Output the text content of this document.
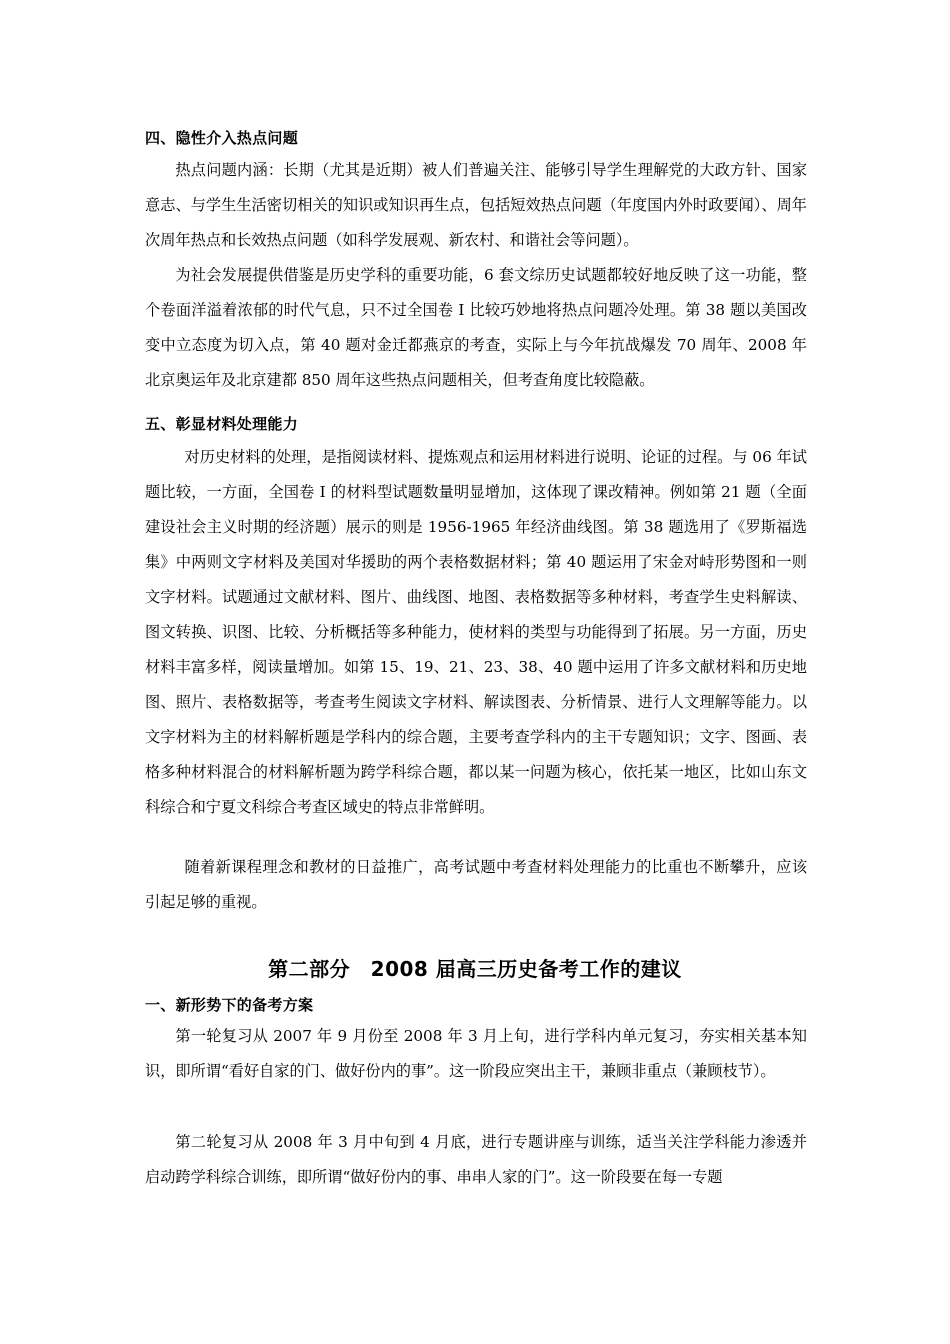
四、隐性介入热点问题

热点问题内涵：长期（尤其是近期）被人们普遍关注、能够引导学生理解党的大政方针、国家意志、与学生生活密切相关的知识或知识再生点，包括短效热点问题（年度国内外时政要闻）、周年次周年热点和长效热点问题（如科学发展观、新农村、和谐社会等问题）。

为社会发展提供借鉴是历史学科的重要功能，6 套文综历史试题都较好地反映了这一功能，整个卷面洋溢着浓郁的时代气息，只不过全国卷 I 比较巧妙地将热点问题冷处理。第 38 题以美国改变中立态度为切入点，第 40 题对金迁都燕京的考查，实际上与今年抗战爆发 70 周年、2008 年北京奥运年及北京建都 850 周年这些热点问题相关，但考查角度比较隐蔽。

五、彰显材料处理能力

对历史材料的处理，是指阅读材料、提炼观点和运用材料进行说明、论证的过程。与 06 年试题比较，一方面，全国卷 I 的材料型试题数量明显增加，这体现了课改精神。例如第 21 题（全面建设社会主义时期的经济题）展示的则是 1956-1965 年经济曲线图。第 38 题选用了《罗斯福选集》中两则文字材料及美国对华援助的两个表格数据材料；第 40 题运用了宋金对峙形势图和一则文字材料。试题通过文献材料、图片、曲线图、地图、表格数据等多种材料，考查学生史料解读、图文转换、识图、比较、分析概括等多种能力，使材料的类型与功能得到了拓展。另一方面，历史材料丰富多样，阅读量增加。如第 15、19、21、23、38、40 题中运用了许多文献材料和历史地图、照片、表格数据等，考查考生阅读文字材料、解读图表、分析情景、进行人文理解等能力。以文字材料为主的材料解析题是学科内的综合题，主要考查学科内的主干专题知识；文字、图画、表格多种材料混合的材料解析题为跨学科综合题，都以某一问题为核心，依托某一地区，比如山东文科综合和宁夏文科综合考查区域史的特点非常鲜明。

随着新课程理念和教材的日益推广，高考试题中考查材料处理能力的比重也不断攀升，应该引起足够的重视。

第二部分　2008 届高三历史备考工作的建议
一、新形势下的备考方案

第一轮复习从 2007 年 9 月份至 2008 年 3 月上旬，进行学科内单元复习，夯实相关基本知识，即所谓“看好自家的门、做好份内的事”。这一阶段应突出主干，兼顾非重点（兼顾枝节）。

第二轮复习从 2008 年 3 月中旬到 4 月底，进行专题讲座与训练，适当关注学科能力渗透并启动跨学科综合训练，即所谓“做好份内的事、串串人家的门”。这一阶段要在每一专题
